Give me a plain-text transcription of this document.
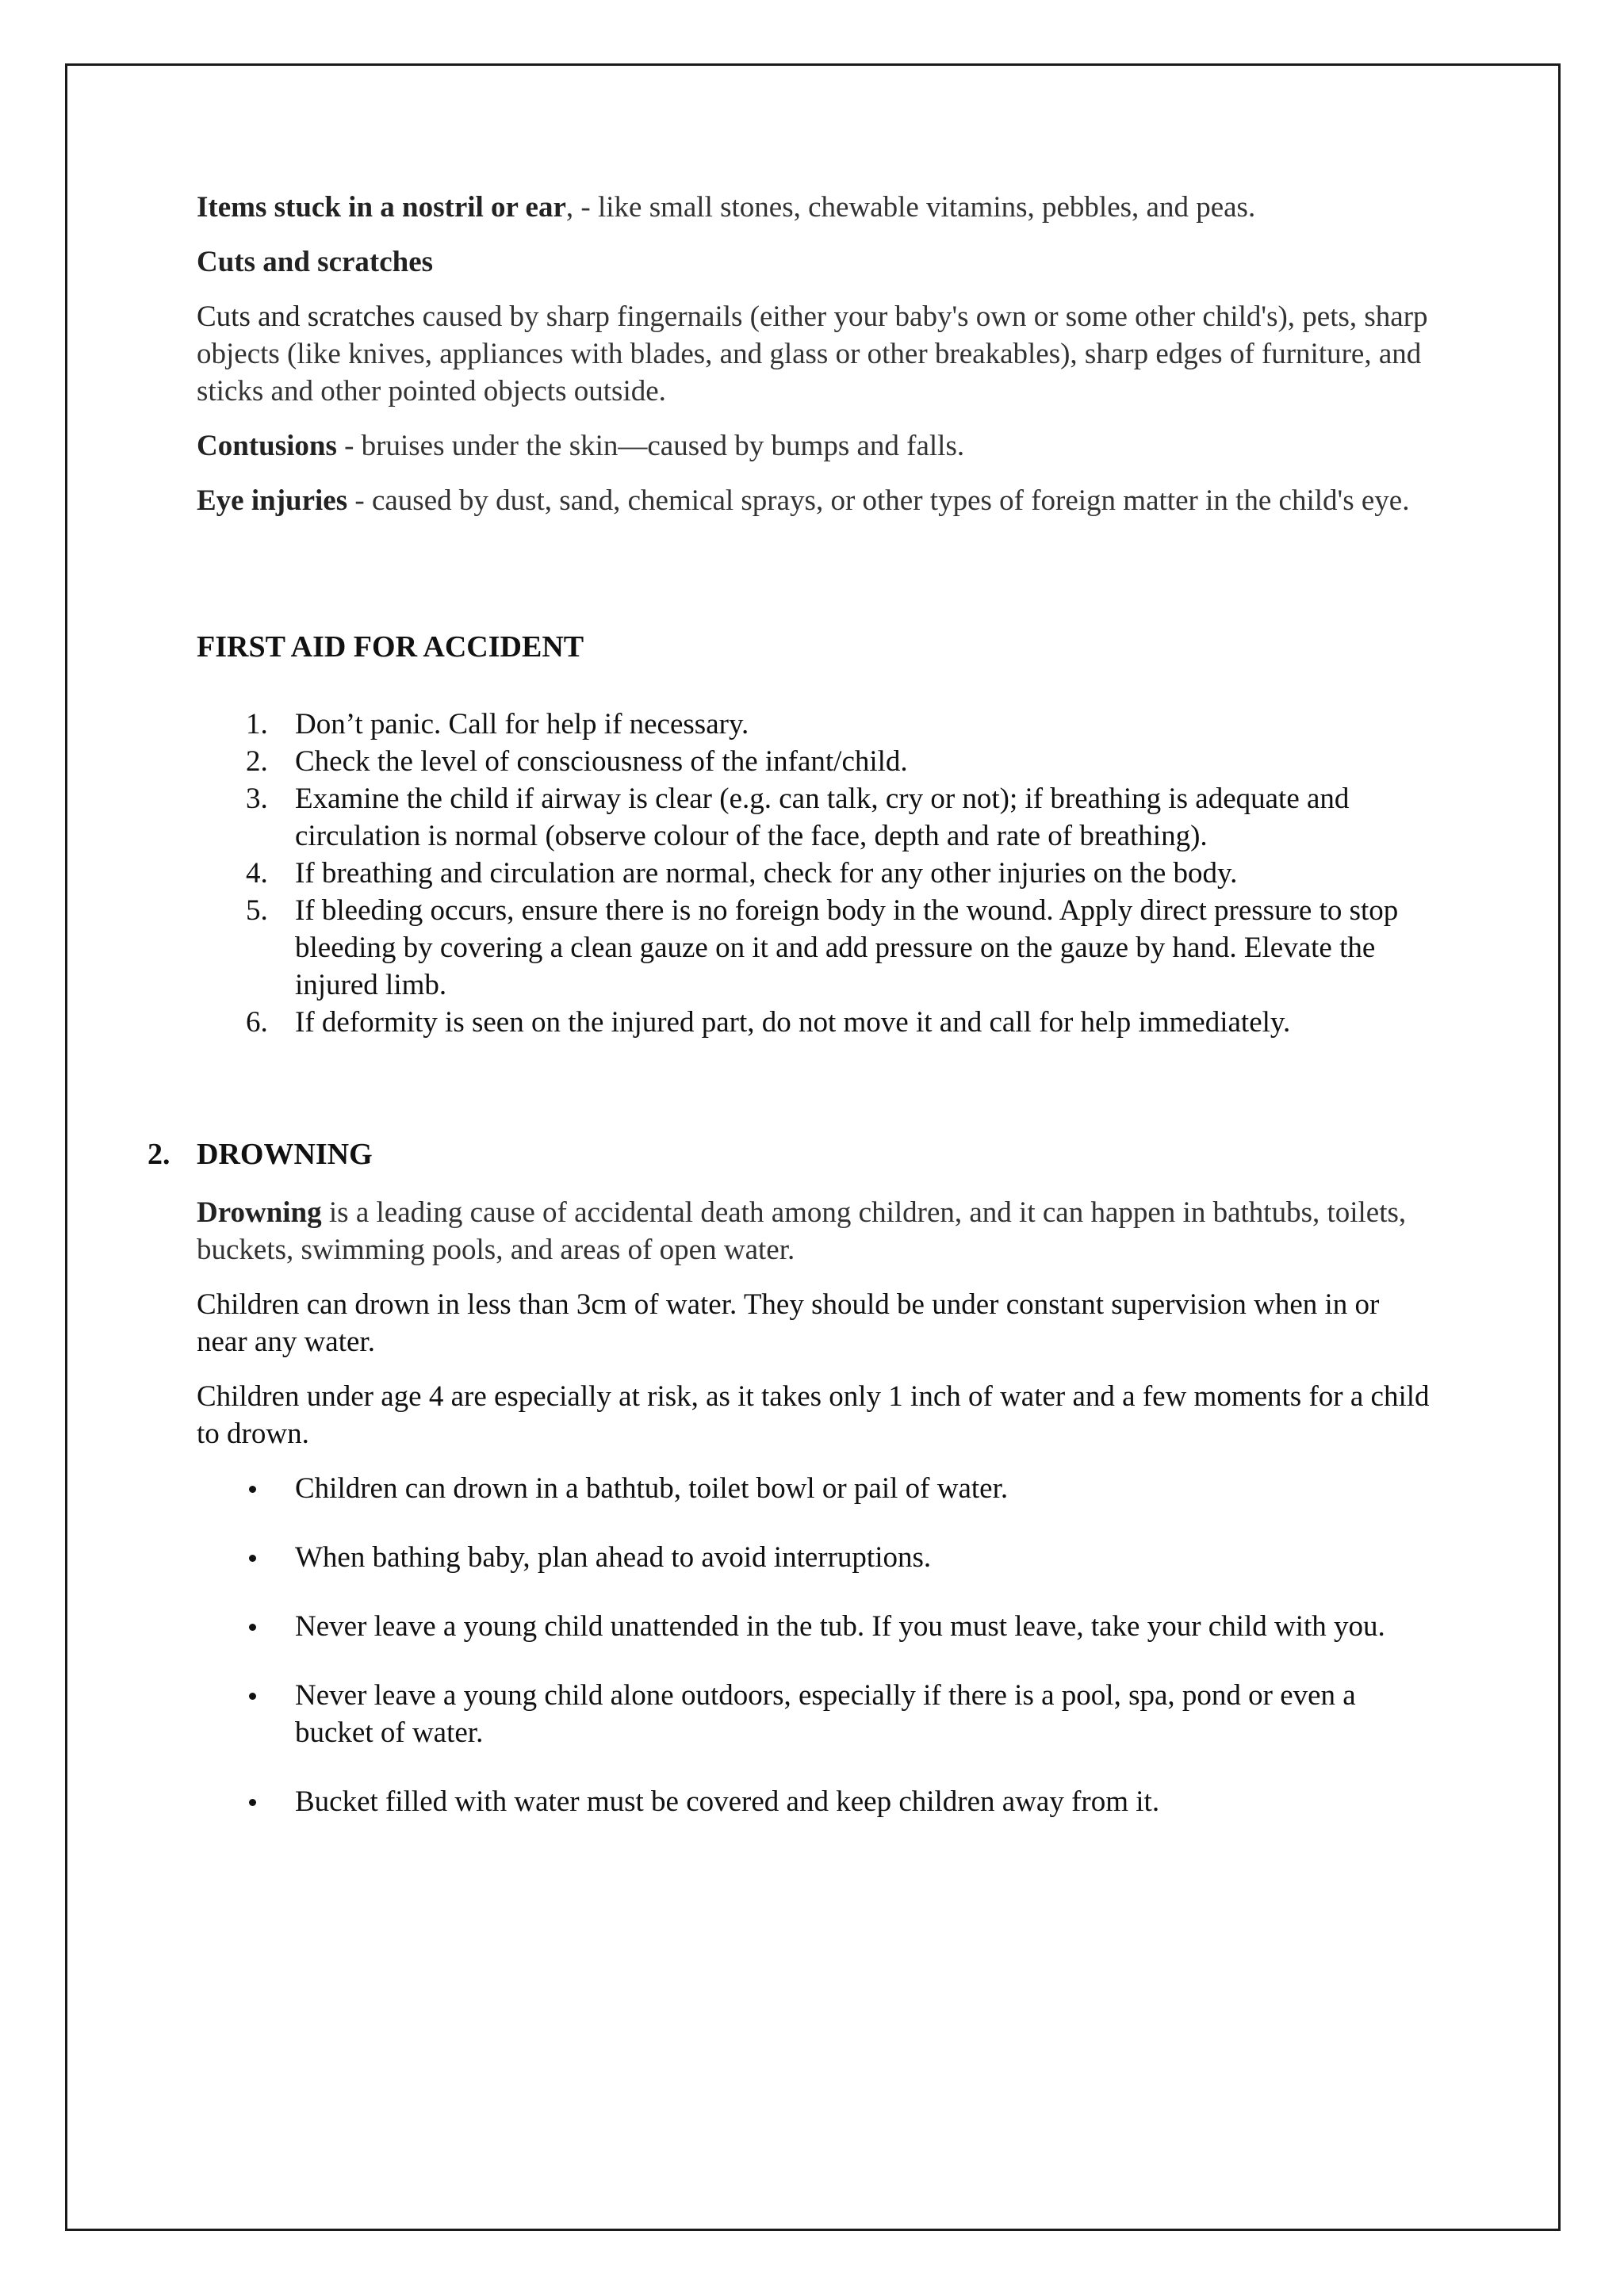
Items stuck in a nostril or ear, - like small stones, chewable vitamins, pebbles, and peas.

Cuts and scratches

Cuts and scratches caused by sharp fingernails (either your baby's own or some other child's), pets, sharp objects (like knives, appliances with blades, and glass or other breakables), sharp edges of furniture, and sticks and other pointed objects outside.

Contusions - bruises under the skin—caused by bumps and falls.

Eye injuries - caused by dust, sand, chemical sprays, or other types of foreign matter in the child's eye.

FIRST AID FOR ACCIDENT

1. Don’t panic. Call for help if necessary.
2. Check the level of consciousness of the infant/child.
3. Examine the child if airway is clear (e.g. can talk, cry or not); if breathing is adequate and circulation is normal (observe colour of the face, depth and rate of breathing).
4. If breathing and circulation are normal, check for any other injuries on the body.
5. If bleeding occurs, ensure there is no foreign body in the wound. Apply direct pressure to stop bleeding by covering a clean gauze on it and add pressure on the gauze by hand. Elevate the injured limb.
6. If deformity is seen on the injured part, do not move it and call for help immediately.

2. DROWNING

Drowning is a leading cause of accidental death among children, and it can happen in bathtubs, toilets, buckets, swimming pools, and areas of open water.

Children can drown in less than 3cm of water. They should be under constant supervision when in or near any water.

Children under age 4 are especially at risk, as it takes only 1 inch of water and a few moments for a child to drown.

Children can drown in a bathtub, toilet bowl or pail of water.
When bathing baby, plan ahead to avoid interruptions.
Never leave a young child unattended in the tub. If you must leave, take your child with you.
Never leave a young child alone outdoors, especially if there is a pool, spa, pond or even a bucket of water.
Bucket filled with water must be covered and keep children away from it.
